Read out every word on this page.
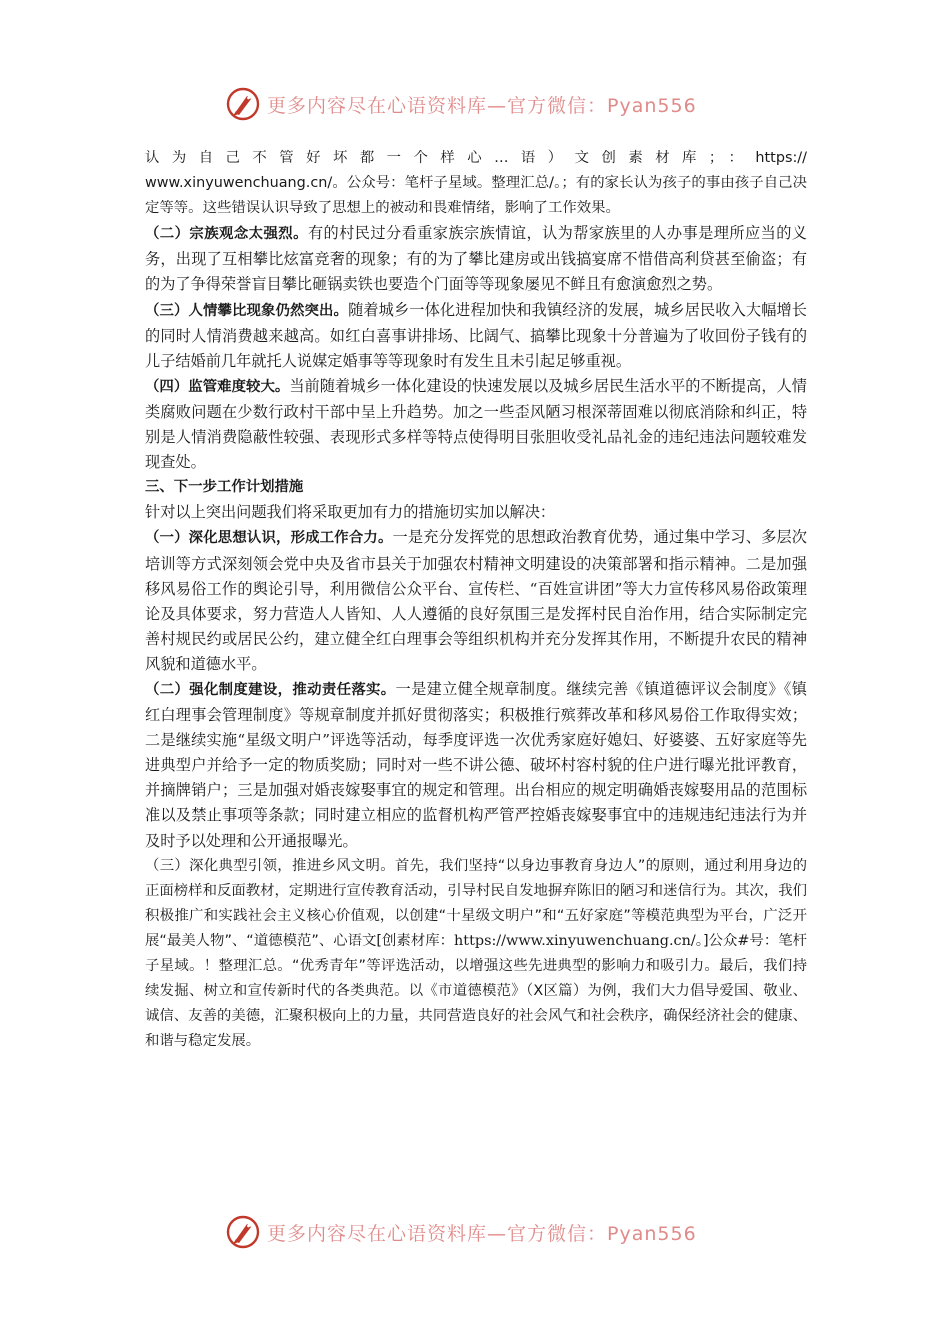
更多内容尽在心语资料库—官方微信：Pyan556

认为自己不管好坏都一个样心…语）文创素材库；：https://

www.xinyuwenchuang.cn/。公众号：笔杆子星域。整理汇总/。；有的家长认为孩子的事由孩子自己决定等等。这些错误认识导致了思想上的被动和畏难情绪，影响了工作效果。

（二）宗族观念太强烈。有的村民过分看重家族宗族情谊，认为帮家族里的人办事是理所应当的义务，出现了互相攀比炫富竞奢的现象；有的为了攀比建房或出钱搞宴席不惜借高利贷甚至偷盗；有的为了争得荣誉盲目攀比砸锅卖铁也要造个门面等等现象屡见不鲜且有愈演愈烈之势。

（三）人情攀比现象仍然突出。随着城乡一体化进程加快和我镇经济的发展，城乡居民收入大幅增长的同时人情消费越来越高。如红白喜事讲排场、比阔气、搞攀比现象十分普遍为了收回份子钱有的儿子结婚前几年就托人说媒定婚事等等现象时有发生且未引起足够重视。

（四）监管难度较大。当前随着城乡一体化建设的快速发展以及城乡居民生活水平的不断提高，人情类腐败问题在少数行政村干部中呈上升趋势。加之一些歪风陋习根深蒂固难以彻底消除和纠正，特别是人情消费隐蔽性较强、表现形式多样等特点使得明目张胆收受礼品礼金的违纪违法问题较难发现查处。

三、下一步工作计划措施

针对以上突出问题我们将采取更加有力的措施切实加以解决：

（一）深化思想认识，形成工作合力。一是充分发挥党的思想政治教育优势，通过集中学习、多层次培训等方式深刻领会党中央及省市县关于加强农村精神文明建设的决策部署和指示精神。二是加强移风易俗工作的舆论引导，利用微信公众平台、宣传栏、“百姓宣讲团”等大力宣传移风易俗政策理论及具体要求，努力营造人人皆知、人人遵循的良好氛围三是发挥村民自治作用，结合实际制定完善村规民约或居民公约，建立健全红白理事会等组织机构并充分发挥其作用，不断提升农民的精神风貌和道德水平。

（二）强化制度建设，推动责任落实。一是建立健全规章制度。继续完善《镇道德评议会制度》《镇红白理事会管理制度》等规章制度并抓好贯彻落实；积极推行殡葬改革和移风易俗工作取得实效；二是继续实施“星级文明户”评选等活动，每季度评选一次优秀家庭好媳妇、好婆婆、五好家庭等先进典型户并给予一定的物质奖励；同时对一些不讲公德、破坏村容村貌的住户进行曝光批评教育，并摘牌销户；三是加强对婚丧嫁娶事宜的规定和管理。出台相应的规定明确婚丧嫁娶用品的范围标准以及禁止事项等条款；同时建立相应的监督机构严管严控婚丧嫁娶事宜中的违规违纪违法行为并及时予以处理和公开通报曝光。

（三）深化典型引领，推进乡风文明。首先，我们坚持“以身边事教育身边人”的原则，通过利用身边的正面榜样和反面教材，定期进行宣传教育活动，引导村民自发地摒弃陈旧的陋习和迷信行为。其次，我们积极推广和实践社会主义核心价值观，以创建“十星级文明户”和“五好家庭”等模范典型为平台，广泛开展“最美人物”、“道德模范”、心语文[创素材库：https://www.xinyuwenchuang.cn/。]公众#号：笔杆子星域。！整理汇总。“优秀青年”等评选活动，以增强这些先进典型的影响力和吸引力。最后，我们持续发掘、树立和宣传新时代的各类典范。以《市道德模范》（X区篇）为例，我们大力倡导爱国、敬业、诚信、友善的美德，汇聚积极向上的力量，共同营造良好的社会风气和社会秩序，确保经济社会的健康、和谐与稳定发展。

更多内容尽在心语资料库—官方微信：Pyan556
